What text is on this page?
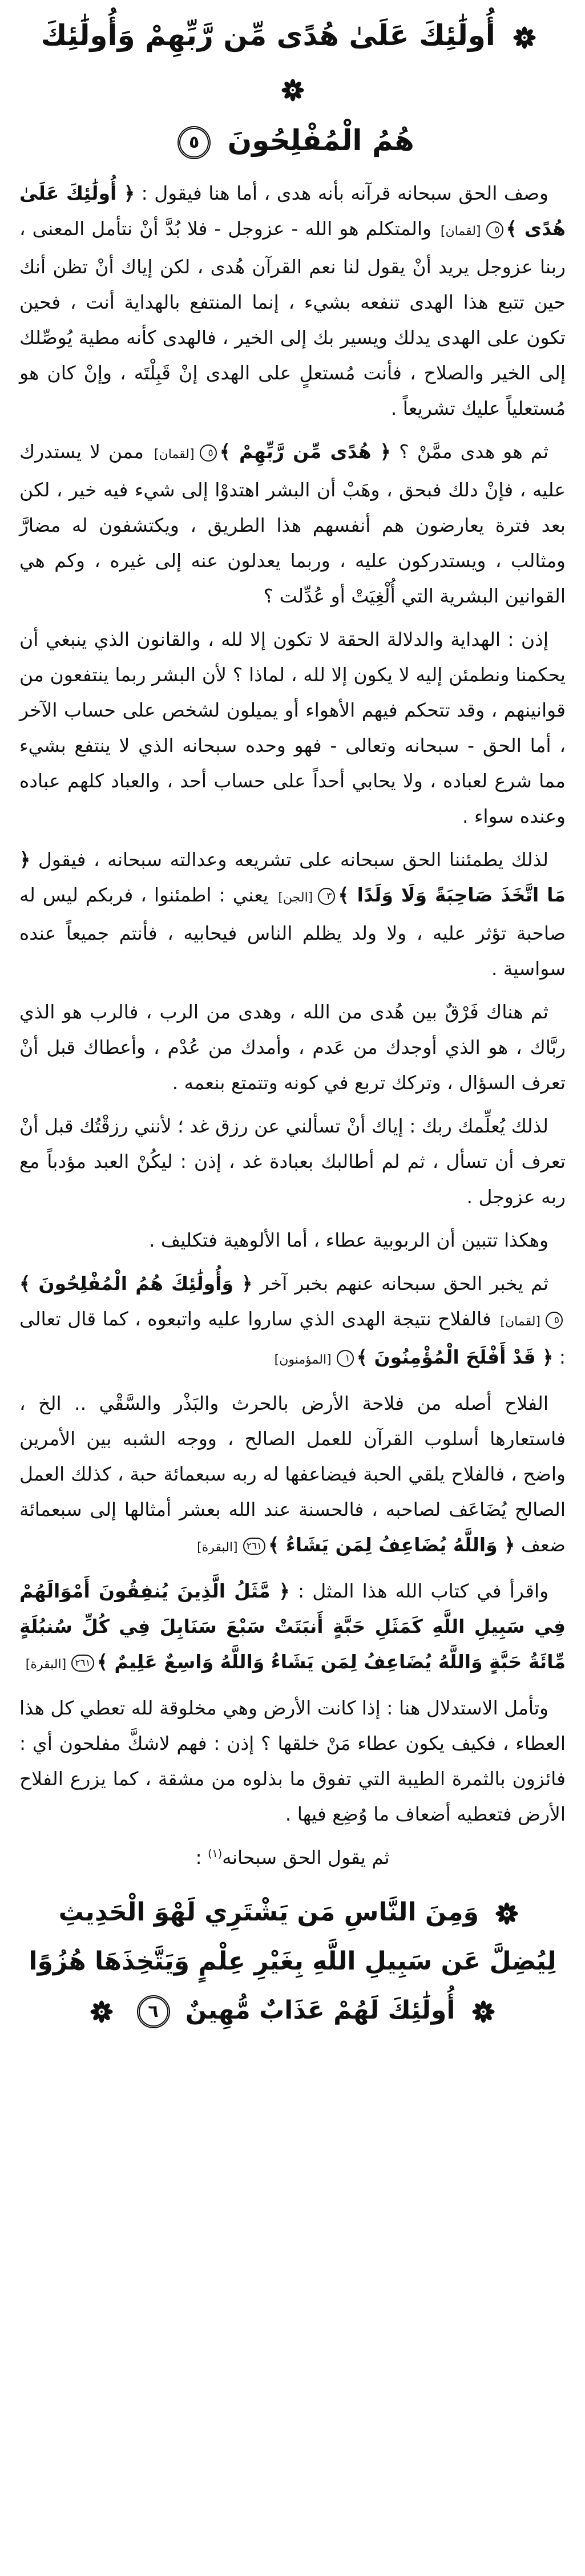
أُولَٰئِكَ عَلَىٰ هُدًى مِّن رَّبِّهِمْ وَأُولَٰئِكَ
هُمُ الْمُفْلِحُونَ ٥

وصف الحق سبحانه قرآنه بأنه هدى ، أما هنا فيقول : ﴿ أُولَٰئِكَ عَلَىٰ هُدًى ﴾٥[لقمان] والمتكلم هو الله - عزوجل - فلا بُدَّ أنْ نتأمل المعنى ، ربنا عزوجل يريد أنْ يقول لنا نعم القرآن هُدى ، لكن إياك أنْ تظن أنك حين تتبع هذا الهدى تنفعه بشيء ، إنما المنتفع بالهداية أنت ، فحين تكون على الهدى يدلك ويسير بك إلى الخير ، فالهدى كأنه مطية يُوصِّلك إلى الخير والصلاح ، فأنت مُستعلٍ على الهدى إنْ قَبِلْتَه ، وإنْ كان هو مُستعلياً عليك تشريعاً .

ثم هو هدى ممَّنْ ؟ ﴿ هُدًى مِّن رَّبِّهِمْ ﴾٥[لقمان] ممن لا يستدرك عليه ، فإنْ دلك فبحق ، وهَبْ أن البشر اهتدوْا إلى شيء فيه خير ، لكن بعد فترة يعارضون هم أنفسهم هذا الطريق ، ويكتشفون له مضارَّ ومثالب ، ويستدركون عليه ، وربما يعدلون عنه إلى غيره ، وكم هي القوانين البشرية التي أُلْغِيَتْ أو عُدِّلت ؟

إذن : الهداية والدلالة الحقة لا تكون إلا لله ، والقانون الذي ينبغي أن يحكمنا ونطمئن إليه لا يكون إلا لله ، لماذا ؟ لأن البشر ربما ينتفعون من قوانينهم ، وقد تتحكم فيهم الأهواء أو يميلون لشخص على حساب الآخر ، أما الحق - سبحانه وتعالى - فهو وحده سبحانه الذي لا ينتفع بشيء مما شرع لعباده ، ولا يحابي أحداً على حساب أحد ، والعباد كلهم عباده وعنده سواء .

لذلك يطمئننا الحق سبحانه على تشريعه وعدالته سبحانه ، فيقول ﴿ مَا اتَّخَذَ صَاحِبَةً وَلَا وَلَدًا ﴾٣[الجن] يعني : اطمئنوا ، فربكم ليس له صاحبة تؤثر عليه ، ولا ولد يظلم الناس فيحابيه ، فأنتم جميعاً عنده سواسية .

ثم هناك فَرْقٌ بين هُدى من الله ، وهدى من الرب ، فالرب هو الذي ربَّاك ، هو الذي أوجدك من عَدم ، وأمدك من عُدْم ، وأعطاك قبل أنْ تعرف السؤال ، وتركك تربع في كونه وتتمتع بنعمه .

لذلك يُعلِّمك ربك : إياك أنْ تسألني عن رزق غد ؛ لأنني رزقْتُك قبل أنْ تعرف أن تسأل ، ثم لم أطالبك بعبادة غد ، إذن : ليكُنْ العبد مؤدباً مع ربه عزوجل .

وهكذا تتبين أن الربوبية عطاء ، أما الألوهية فتكليف .

ثم يخبر الحق سبحانه عنهم بخبر آخر ﴿ وَأُولَٰئِكَ هُمُ الْمُفْلِحُونَ ﴾٥[لقمان] فالفلاح نتيجة الهدى الذي ساروا عليه واتبعوه ، كما قال تعالى : ﴿ قَدْ أَفْلَحَ الْمُؤْمِنُونَ ﴾١[المؤمنون]

الفلاح أصله من فلاحة الأرض بالحرث والبَذْر والسَّقْي .. الخ ، فاستعارها أسلوب القرآن للعمل الصالح ، ووجه الشبه بين الأمرين واضح ، فالفلاح يلقي الحبة فيضاعفها له ربه سبعمائة حبة ، كذلك العمل الصالح يُضَاعَف لصاحبه ، فالحسنة عند الله بعشر أمثالها إلى سبعمائة ضعف ﴿ وَاللَّهُ يُضَاعِفُ لِمَن يَشَاءُ ﴾٢٦١[البقرة]

واقرأ في كتاب الله هذا المثل : ﴿ مَّثَلُ الَّذِينَ يُنفِقُونَ أَمْوَالَهُمْ فِي سَبِيلِ اللَّهِ كَمَثَلِ حَبَّةٍ أَنبَتَتْ سَبْعَ سَنَابِلَ فِي كُلِّ سُنبُلَةٍ مِّائَةُ حَبَّةٍ وَاللَّهُ يُضَاعِفُ لِمَن يَشَاءُ وَاللَّهُ وَاسِعٌ عَلِيمٌ ﴾٢٦١[البقرة]

وتأمل الاستدلال هنا : إذا كانت الأرض وهي مخلوقة لله تعطي كل هذا العطاء ، فكيف يكون عطاء مَنْ خلقها ؟ إذن : فهم لاشكَّ مفلحون أي : فائزون بالثمرة الطيبة التي تفوق ما بذلوه من مشقة ، كما يزرع الفلاح الأرض فتعطيه أضعاف ما وُضِع فيها .

ثم يقول الحق سبحانه$^{(١)}$ :

وَمِنَ النَّاسِ مَن يَشْتَرِي لَهْوَ الْحَدِيثِ
لِيُضِلَّ عَن سَبِيلِ اللَّهِ بِغَيْرِ عِلْمٍ وَيَتَّخِذَهَا هُزُوًا
أُولَٰئِكَ لَهُمْ عَذَابٌ مُّهِينٌ ٦
